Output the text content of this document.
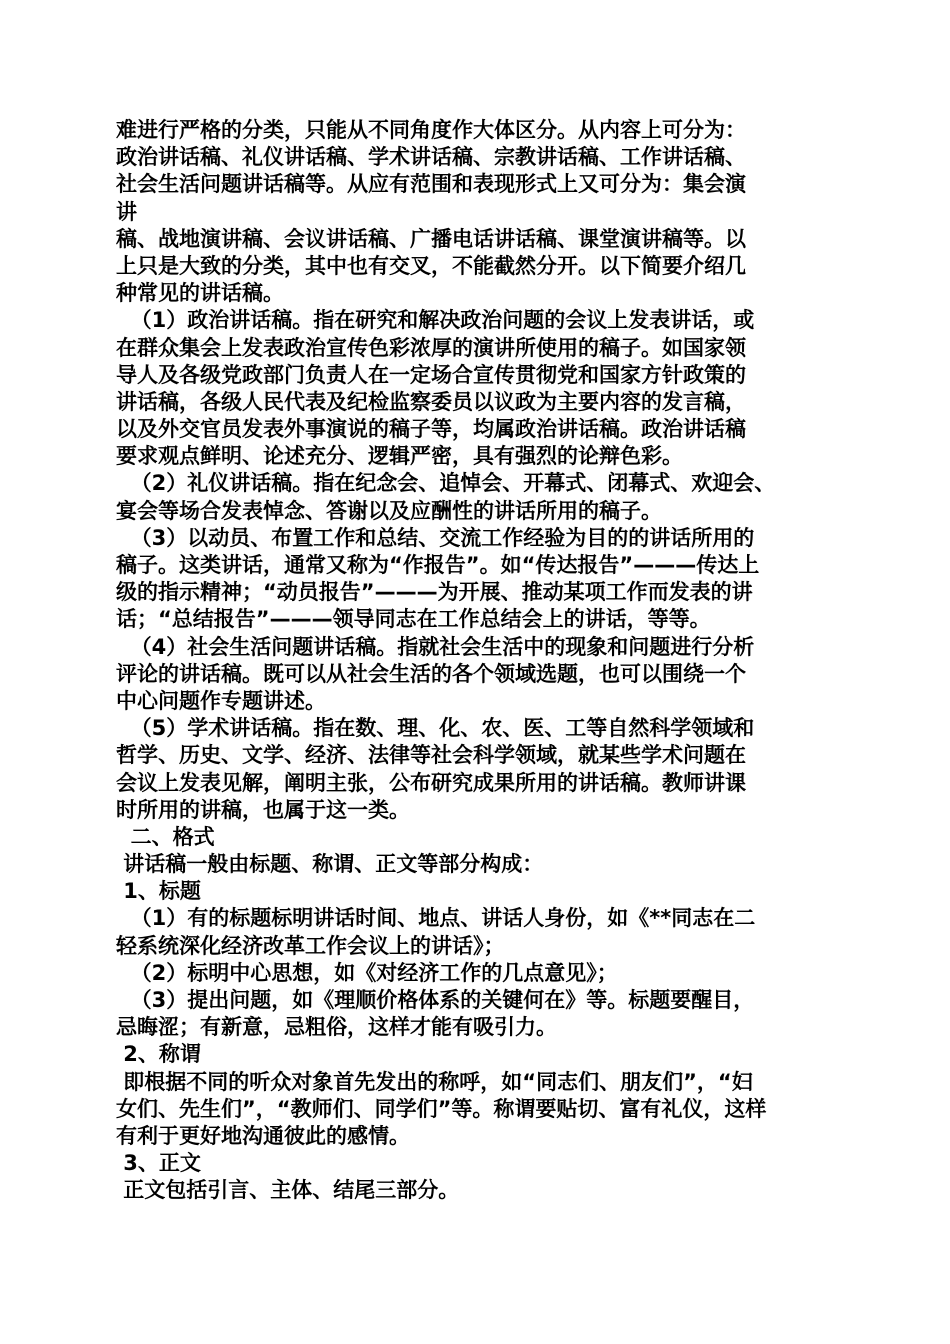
难进行严格的分类，只能从不同角度作大体区分。从内容上可分为：
政治讲话稿、礼仪讲话稿、学术讲话稿、宗教讲话稿、工作讲话稿、
社会生活问题讲话稿等。从应有范围和表现形式上又可分为：集会演
讲
稿、战地演讲稿、会议讲话稿、广播电话讲话稿、课堂演讲稿等。以
上只是大致的分类，其中也有交叉，不能截然分开。以下简要介绍几
种常见的讲话稿。
（1）政治讲话稿。指在研究和解决政治问题的会议上发表讲话，或
在群众集会上发表政治宣传色彩浓厚的演讲所使用的稿子。如国家领
导人及各级党政部门负责人在一定场合宣传贯彻党和国家方针政策的
讲话稿，各级人民代表及纪检监察委员以议政为主要内容的发言稿，
以及外交官员发表外事演说的稿子等，均属政治讲话稿。政治讲话稿
要求观点鲜明、论述充分、逻辑严密，具有强烈的论辩色彩。
（2）礼仪讲话稿。指在纪念会、追悼会、开幕式、闭幕式、欢迎会、
宴会等场合发表悼念、答谢以及应酬性的讲话所用的稿子。
（3）以动员、布置工作和总结、交流工作经验为目的的讲话所用的
稿子。这类讲话，通常又称为“作报告”。如“传达报告”———传达上
级的指示精神；“动员报告”———为开展、推动某项工作而发表的讲
话；“总结报告”———领导同志在工作总结会上的讲话，等等。
（4）社会生活问题讲话稿。指就社会生活中的现象和问题进行分析
评论的讲话稿。既可以从社会生活的各个领域选题，也可以围绕一个
中心问题作专题讲述。
（5）学术讲话稿。指在数、理、化、农、医、工等自然科学领域和
哲学、历史、文学、经济、法律等社会科学领域，就某些学术问题在
会议上发表见解，阐明主张，公布研究成果所用的讲话稿。教师讲课
时所用的讲稿，也属于这一类。
二、格式
讲话稿一般由标题、称谓、正文等部分构成：
1、标题
（1）有的标题标明讲话时间、地点、讲话人身份，如《**同志在二
轻系统深化经济改革工作会议上的讲话》；
（2）标明中心思想，如《对经济工作的几点意见》；
（3）提出问题，如《理顺价格体系的关键何在》等。标题要醒目，
忌晦涩；有新意，忌粗俗，这样才能有吸引力。
2、称谓
即根据不同的听众对象首先发出的称呼，如“同志们、朋友们”，“妇
女们、先生们”，“教师们、同学们”等。称谓要贴切、富有礼仪，这样
有利于更好地沟通彼此的感情。
3、正文
正文包括引言、主体、结尾三部分。
